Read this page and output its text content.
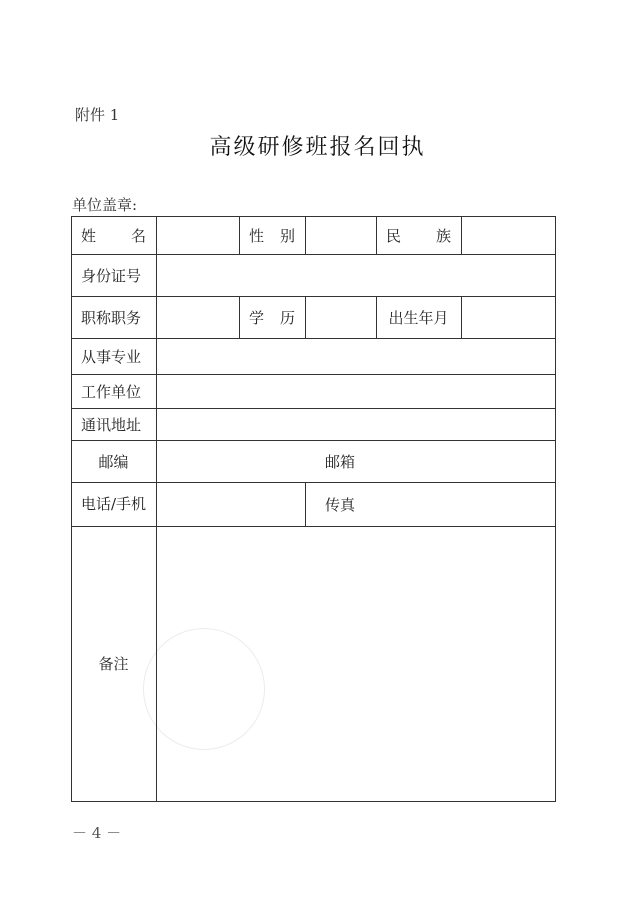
附件 1
高级研修班报名回执
单位盖章:
姓 名	性 别	民 族
身份证号
职称职务	学 历	出生年月
从事专业
工作单位
通讯地址
邮编	邮箱
电话/手机	传真
备注
－ 4 －
